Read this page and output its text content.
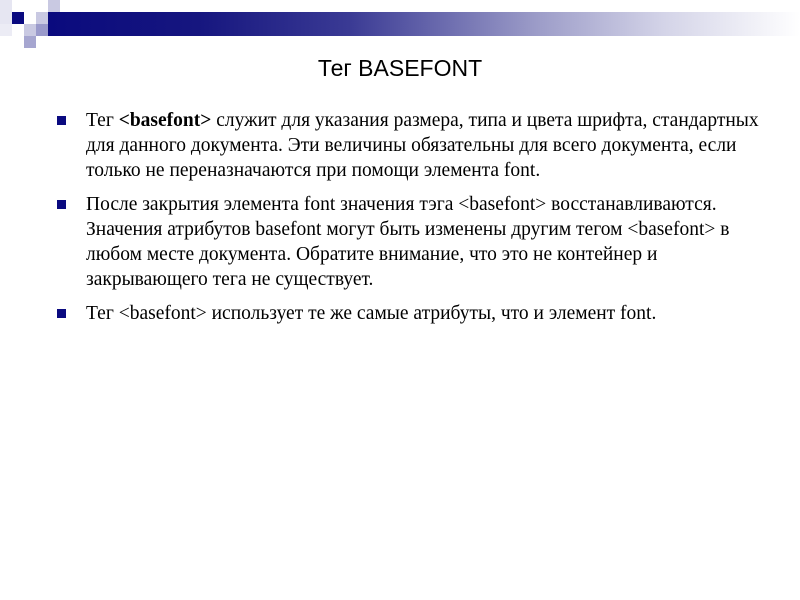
Тег BASEFONT
Тег <basefont> служит для указания размера, типа и цвета шрифта, стандартных для данного документа. Эти величины обязательны для всего документа, если только не переназначаются при помощи элемента font.
После закрытия элемента font значения тэга <basefont> восстанавливаются. Значения атрибутов basefont могут быть изменены другим тегом <basefont> в любом месте документа. Обратите внимание, что это не контейнер и закрывающего тега не существует.
Тег <basefont> использует те же самые атрибуты, что и элемент font.
